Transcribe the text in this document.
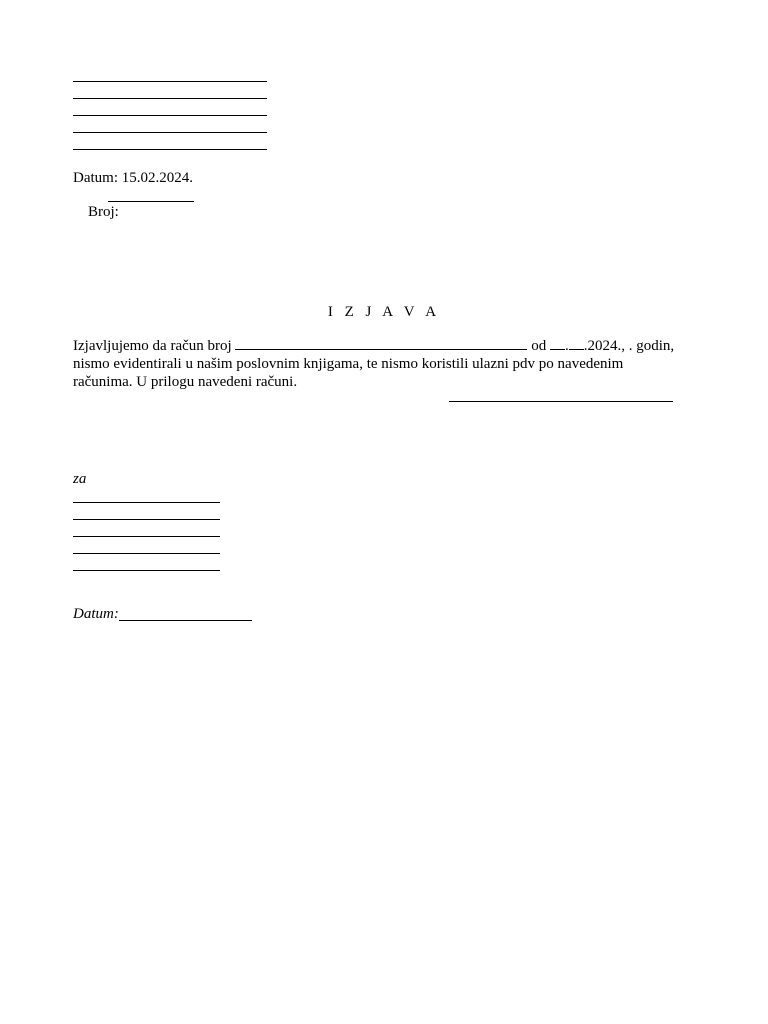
Datum: 15.02.2024.

Broj:

I Z J A V A
Izjavljujemo da račun broj	od . .2024., . godin,
nismo evidentirali u našim poslovnim knjigama, te nismo koristili ulazni pdv po navedenim
računima. U prilogu navedeni računi.
za
Datum:
